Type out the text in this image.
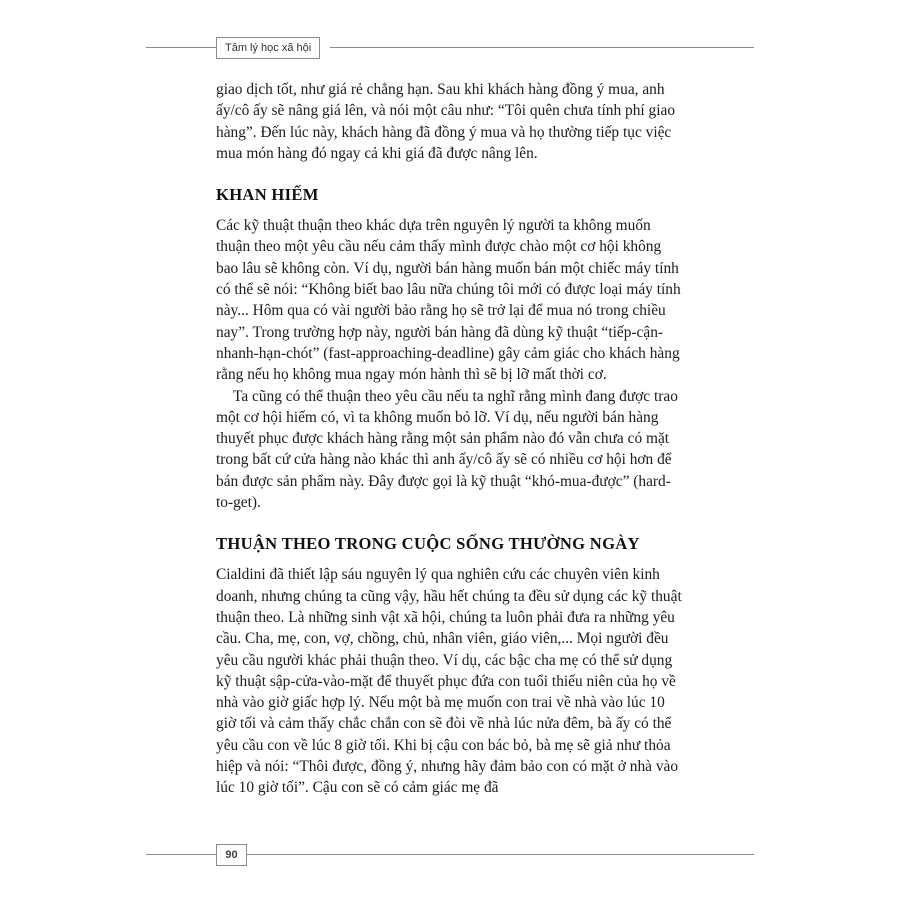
Tâm lý học xã hội

giao dịch tốt, như giá rẻ chẳng hạn. Sau khi khách hàng đồng ý mua, anh ấy/cô ấy sẽ nâng giá lên, và nói một câu như: “Tôi quên chưa tính phí giao hàng”. Đến lúc này, khách hàng đã đồng ý mua và họ thường tiếp tục việc mua món hàng đó ngay cả khi giá đã được nâng lên.

KHAN HIẾM

Các kỹ thuật thuận theo khác dựa trên nguyên lý người ta không muốn thuận theo một yêu cầu nếu cảm thấy mình được chào một cơ hội không bao lâu sẽ không còn. Ví dụ, người bán hàng muốn bán một chiếc máy tính có thể sẽ nói: “Không biết bao lâu nữa chúng tôi mới có được loại máy tính này... Hôm qua có vài người bảo rằng họ sẽ trở lại để mua nó trong chiều nay”. Trong trường hợp này, người bán hàng đã dùng kỹ thuật “tiếp-cận-nhanh-hạn-chót” (fast-approaching-deadline) gây cảm giác cho khách hàng rằng nếu họ không mua ngay món hành thì sẽ bị lỡ mất thời cơ.

Ta cũng có thể thuận theo yêu cầu nếu ta nghĩ rằng mình đang được trao một cơ hội hiếm có, vì ta không muốn bỏ lỡ. Ví dụ, nếu người bán hàng thuyết phục được khách hàng rằng một sản phẩm nào đó vẫn chưa có mặt trong bất cứ cửa hàng nào khác thì anh ấy/cô ấy sẽ có nhiều cơ hội hơn để bán được sản phẩm này. Đây được gọi là kỹ thuật “khó-mua-được” (hard-to-get).

THUẬN THEO TRONG CUỘC SỐNG THƯỜNG NGÀY

Cialdini đã thiết lập sáu nguyên lý qua nghiên cứu các chuyên viên kinh doanh, nhưng chúng ta cũng vậy, hầu hết chúng ta đều sử dụng các kỹ thuật thuận theo. Là những sinh vật xã hội, chúng ta luôn phải đưa ra những yêu cầu. Cha, mẹ, con, vợ, chồng, chủ, nhân viên, giáo viên,... Mọi người đều yêu cầu người khác phải thuận theo. Ví dụ, các bậc cha mẹ có thể sử dụng kỹ thuật sập-cửa-vào-mặt để thuyết phục đứa con tuổi thiếu niên của họ về nhà vào giờ giấc hợp lý. Nếu một bà mẹ muốn con trai về nhà vào lúc 10 giờ tối và cảm thấy chắc chắn con sẽ đòi về nhà lúc nửa đêm, bà ấy có thể yêu cầu con về lúc 8 giờ tối. Khi bị cậu con bác bỏ, bà mẹ sẽ giả như thỏa hiệp và nói: “Thôi được, đồng ý, nhưng hãy đảm bảo con có mặt ở nhà vào lúc 10 giờ tối”. Cậu con sẽ có cảm giác mẹ đã

90
